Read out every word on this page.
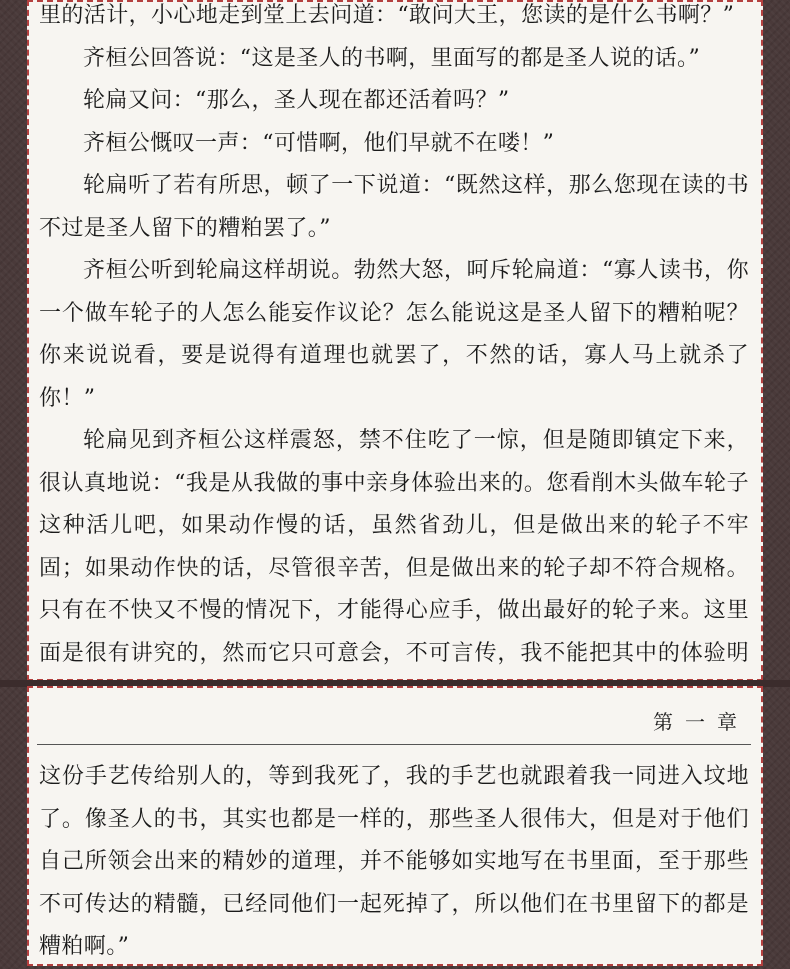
里的活计，小心地走到堂上去问道：“敢问大王，您读的是什么书啊？”

齐桓公回答说：“这是圣人的书啊，里面写的都是圣人说的话。”

轮扁又问：“那么，圣人现在都还活着吗？”

齐桓公慨叹一声：“可惜啊，他们早就不在喽！”

轮扁听了若有所思，顿了一下说道：“既然这样，那么您现在读的书不过是圣人留下的糟粕罢了。”

齐桓公听到轮扁这样胡说。勃然大怒，呵斥轮扁道：“寡人读书，你一个做车轮子的人怎么能妄作议论？怎么能说这是圣人留下的糟粕呢？你来说说看，要是说得有道理也就罢了，不然的话，寡人马上就杀了你！”

轮扁见到齐桓公这样震怒，禁不住吃了一惊，但是随即镇定下来，很认真地说：“我是从我做的事中亲身体验出来的。您看削木头做车轮子这种活儿吧，如果动作慢的话，虽然省劲儿，但是做出来的轮子不牢固；如果动作快的话，尽管很辛苦，但是做出来的轮子却不符合规格。只有在不快又不慢的情况下，才能得心应手，做出最好的轮子来。这里面是很有讲究的，然而它只可意会，不可言传，我不能把其中的体验明

第一章

这份手艺传给别人的，等到我死了，我的手艺也就跟着我一同进入坟地了。像圣人的书，其实也都是一样的，那些圣人很伟大，但是对于他们自己所领会出来的精妙的道理，并不能够如实地写在书里面，至于那些不可传达的精髓，已经同他们一起死掉了，所以他们在书里留下的都是糟粕啊。”
